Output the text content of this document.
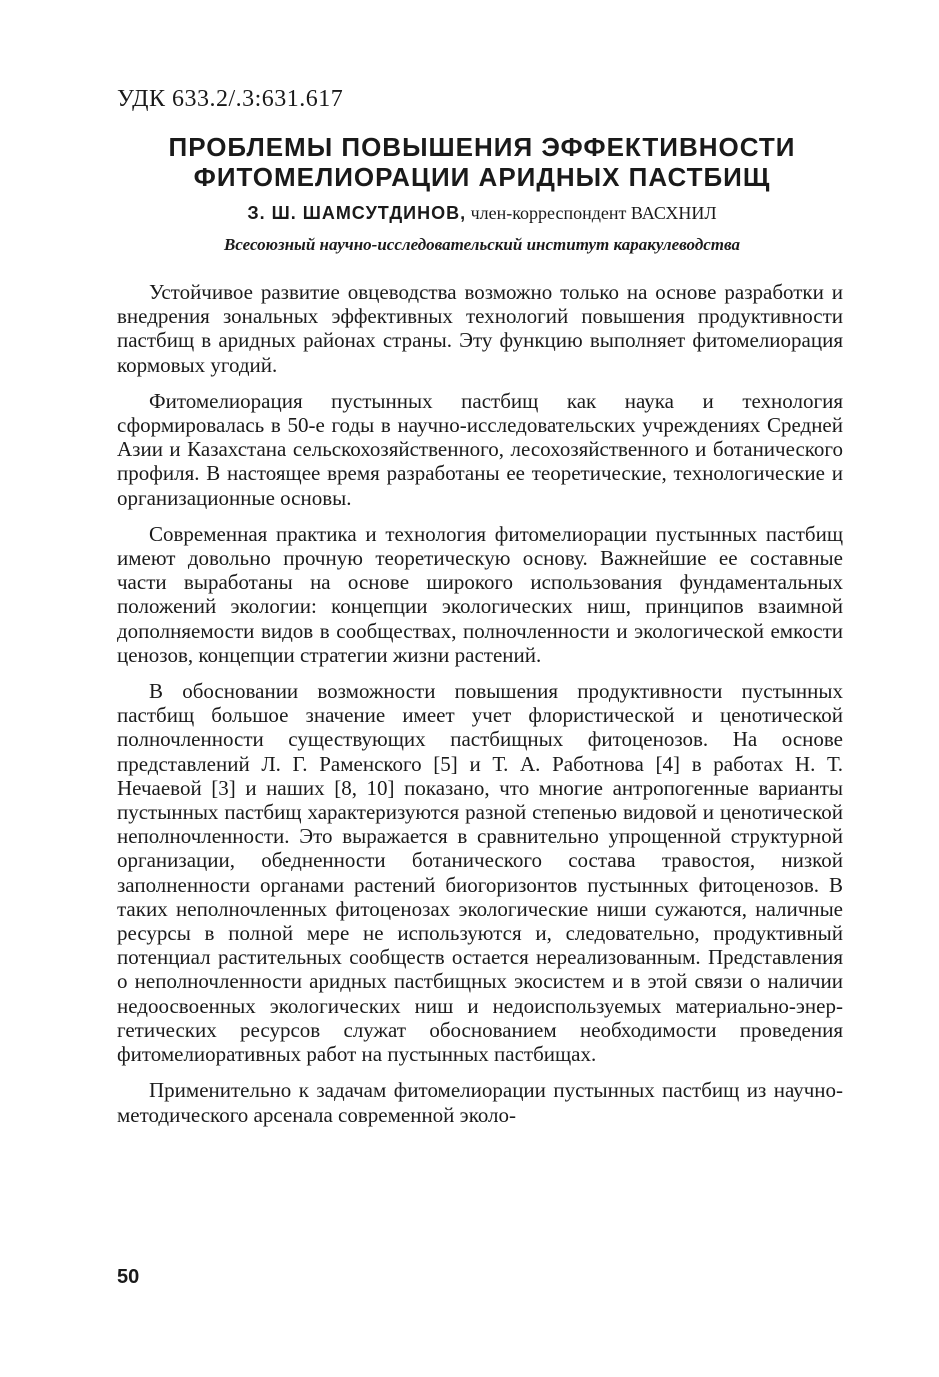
УДК 633.2/.3:631.617
ПРОБЛЕМЫ ПОВЫШЕНИЯ ЭФФЕКТИВНОСТИ
ФИТОМЕЛИОРАЦИИ АРИДНЫХ ПАСТБИЩ
З. Ш. ШАМСУТДИНОВ, член-корреспондент ВАСХНИЛ
Всесоюзный научно-исследовательский институт каракулеводства

Устойчивое развитие овцеводства возможно только на основе разработки и внедрения зональных эффективных технологий повышения продуктивности пастбищ в аридных районах страны. Эту функцию выполняет фитомелиорация кормовых угодий.

Фитомелиорация пустынных пастбищ как наука и технология сформировалась в 50-е годы в научно-исследовательских учреждениях Средней Азии и Казахстана сельскохозяйственного, лесохозяйственного и ботанического профиля. В настоящее время разработаны ее теоретические, технологические и организационные основы.

Современная практика и технология фитомелиорации пустынных пастбищ имеют довольно прочную теоретическую основу. Важнейшие ее составные части выработаны на основе широкого использования фундаментальных положений экологии: концепции экологических ниш, принципов взаимной дополняемости видов в сообществах, полночленности и экологической емкости ценозов, концепции стратегии жизни растений.

В обосновании возможности повышения продуктивности пустынных пастбищ большое значение имеет учет флористической и ценотической полночленности существующих пастбищных фитоценозов. На основе представлений Л. Г. Раменского [5] и Т. А. Работнова [4] в работах Н. Т. Нечаевой [3] и наших [8, 10] показано, что многие антропогенные варианты пустынных пастбищ характеризуются разной степенью видовой и ценотической неполночленности. Это выражается в сравнительно упрощенной структурной организации, обедненности ботанического состава травостоя, низкой заполненности органами растений биогоризонтов пустынных фитоценозов. В таких неполночленных фитоценозах экологические ниши сужаются, наличные ресурсы в полной мере не используются и, следовательно, продуктивный потенциал растительных сообществ остается нереализованным. Представления о неполночленности аридных пастбищных экосистем и в этой связи о наличии недоосвоенных экологических ниш и недоиспользуемых материально-энергетических ресурсов служат обоснованием необходимости проведения фитомелиоративных работ на пустынных пастбищах.

Применительно к задачам фитомелиорации пустынных пастбищ из научно-методического арсенала современной эколо-

50
